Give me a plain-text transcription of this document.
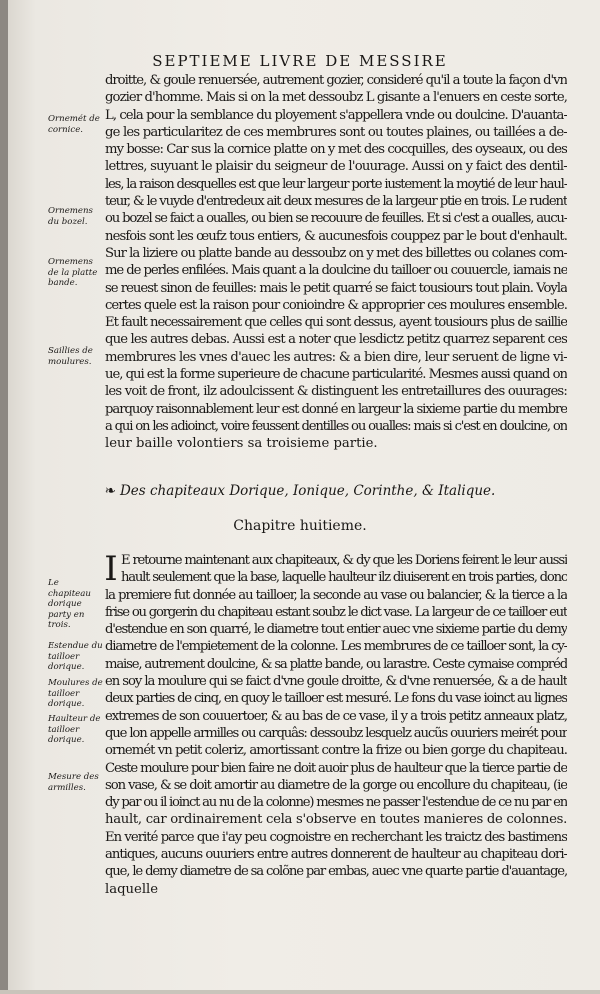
SEPTIEME LIVRE DE MESSIRE
droitte, & goule renuersée, autrement gozier, consideré qu'il a toute la façon d'vn
gozier d'homme. Mais si on la met dessoubz L gisante a l'enuers en ceste sorte,
L, cela pour la semblance du ployement s'appellera vnde ou doulcine. D'auanta-
ge les particularitez de ces membrures sont ou toutes plaines, ou taillées a de-
my bosse: Car sus la cornice platte on y met des cocquilles, des oyseaux, ou des
lettres, suyuant le plaisir du seigneur de l'ouurage. Aussi on y faict des dentil-
les, la raison desquelles est que leur largeur porte iustement la moytié de leur haul-
teur, & le vuyde d'entredeux ait deux mesures de la largeur ptie en trois. Le rudent
ou bozel se faict a oualles, ou bien se recouure de feuilles. Et si c'est a oualles, aucu-
nesfois sont les œufz tous entiers, & aucunesfois couppez par le bout d'enhault.
Sur la liziere ou platte bande au dessoubz on y met des billettes ou colanes com-
me de perles enfilées. Mais quant a la doulcine du tailloer ou couuercle, iamais ne
se reuest sinon de feuilles: mais le petit quarré se faict tousiours tout plain. Voyla
certes quele est la raison pour conioindre & approprier ces moulures ensemble.
Et fault necessairement que celles qui sont dessus, ayent tousiours plus de saillie
que les autres debas. Aussi est a noter que lesdictz petitz quarrez separent ces
membrures les vnes d'auec les autres: & a bien dire, leur seruent de ligne vi-
ue, qui est la forme superieure de chacune particularité. Mesmes aussi quand on
les voit de front, ilz adoulcissent & distinguent les entretaillures des ouurages:
parquoy raisonnablement leur est donné en largeur la sixieme partie du membre
a qui on les adioinct, voire feussent dentilles ou oualles: mais si c'est en doulcine, on
leur baille volontiers sa troisieme partie.
Ornemét de cornice.
Ornemens du bozel.
Ornemens de la platte bande.
Saillies de moulures.
Le chapiteau dorique party en trois.
Estendue du tailloer dorique.
Moulures de tailloer dorique.
Haulteur de tailloer dorique.
Mesure des armilles.
❧ Des chapiteaux Dorique, Ionique, Corinthe, & Italique.
Chapitre huitieme.
I E retourne maintenant aux chapiteaux, & dy que les Doriens feirent le leur aussi
hault seulement que la base, laquelle haulteur ilz diuiserent en trois parties, donc
la premiere fut donnée au tailloer, la seconde au vase ou balancier, & la tierce a la
frise ou gorgerin du chapiteau estant soubz le dict vase. La largeur de ce tailloer eut
d'estendue en son quarré, le diametre tout entier auec vne sixieme partie du demy
diametre de l'empietement de la colonne. Les membrures de ce tailloer sont, la cy-
maise, autrement doulcine, & sa platte bande, ou larastre. Ceste cymaise compréd
en soy la moulure qui se faict d'vne goule droitte, & d'vne renuersée, & a de hault
deux parties de cinq, en quoy le tailloer est mesuré. Le fons du vase ioinct au lignes
extremes de son couuertoer, & au bas de ce vase, il y a trois petitz anneaux platz,
que lon appelle armilles ou carquâs: dessoubz lesquelz aucũs ouuriers meirét pour
ornemét vn petit coleriz, amortissant contre la frize ou bien gorge du chapiteau.
Ceste moulure pour bien faire ne doit auoir plus de haulteur que la tierce partie de
son vase, & se doit amortir au diametre de la gorge ou encollure du chapiteau, (ie
dy par ou il ioinct au nu de la colonne) mesmes ne passer l'estendue de ce nu par en
hault, car ordinairement cela s'observe en toutes manieres de colonnes.
En verité parce que i'ay peu cognoistre en recherchant les traictz des bastimens
antiques, aucuns ouuriers entre autres donnerent de haulteur au chapiteau dori-
que, le demy diametre de sa colõne par embas, auec vne quarte partie d'auantage,
laquelle
